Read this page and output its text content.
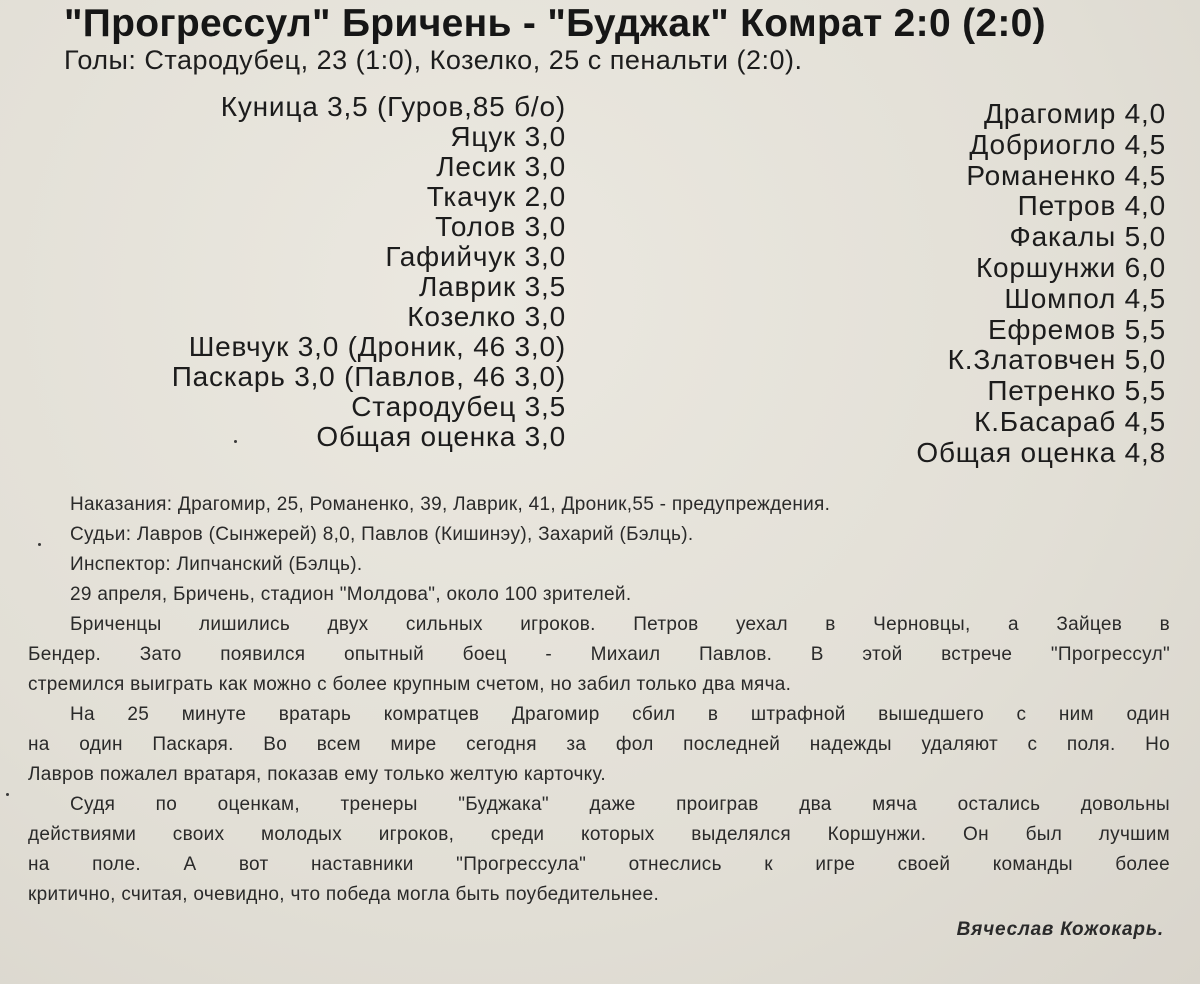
"Прогрессул" Бричень - "Буджак" Комрат 2:0 (2:0)
Голы: Стародубец, 23 (1:0), Козелко, 25 с пенальти (2:0).
Куница 3,5 (Гуров,85 б/о)
Яцук 3,0
Лесик 3,0
Ткачук 2,0
Толов 3,0
Гафийчук 3,0
Лаврик 3,5
Козелко 3,0
Шевчук 3,0 (Дроник, 46 3,0)
Паскарь 3,0 (Павлов, 46 3,0)
Стародубец 3,5
Общая оценка 3,0
Драгомир 4,0
Добриогло 4,5
Романенко 4,5
Петров 4,0
Факалы 5,0
Коршунжи 6,0
Шомпол 4,5
Ефремов 5,5
К.Златовчен 5,0
Петренко 5,5
К.Басараб 4,5
Общая оценка 4,8
Наказания: Драгомир, 25, Романенко, 39, Лаврик, 41, Дроник,55 - предупреждения.
Судьи: Лавров (Сынжерей) 8,0, Павлов (Кишинэу), Захарий (Бэлць).
Инспектор: Липчанский (Бэлць).
29 апреля, Бричень, стадион "Молдова", около 100 зрителей.
Бриченцы лишились двух сильных игроков. Петров уехал в Черновцы, а Зайцев в
Бендер. Зато появился опытный боец - Михаил Павлов. В этой встрече "Прогрессул"
стремился выиграть как можно с более крупным счетом, но забил только два мяча.
На 25 минуте вратарь комратцев Драгомир сбил в штрафной вышедшего с ним один
на один Паскаря. Во всем мире сегодня за фол последней надежды удаляют с поля. Но
Лавров пожалел вратаря, показав ему только желтую карточку.
Судя по оценкам, тренеры "Буджака" даже проиграв два мяча остались довольны
действиями своих молодых игроков, среди которых выделялся Коршунжи. Он был лучшим
на поле. А вот наставники "Прогрессула" отнеслись к игре своей команды более
критично, считая, очевидно, что победа могла быть поубедительнее.
Вячеслав Кожокарь.
